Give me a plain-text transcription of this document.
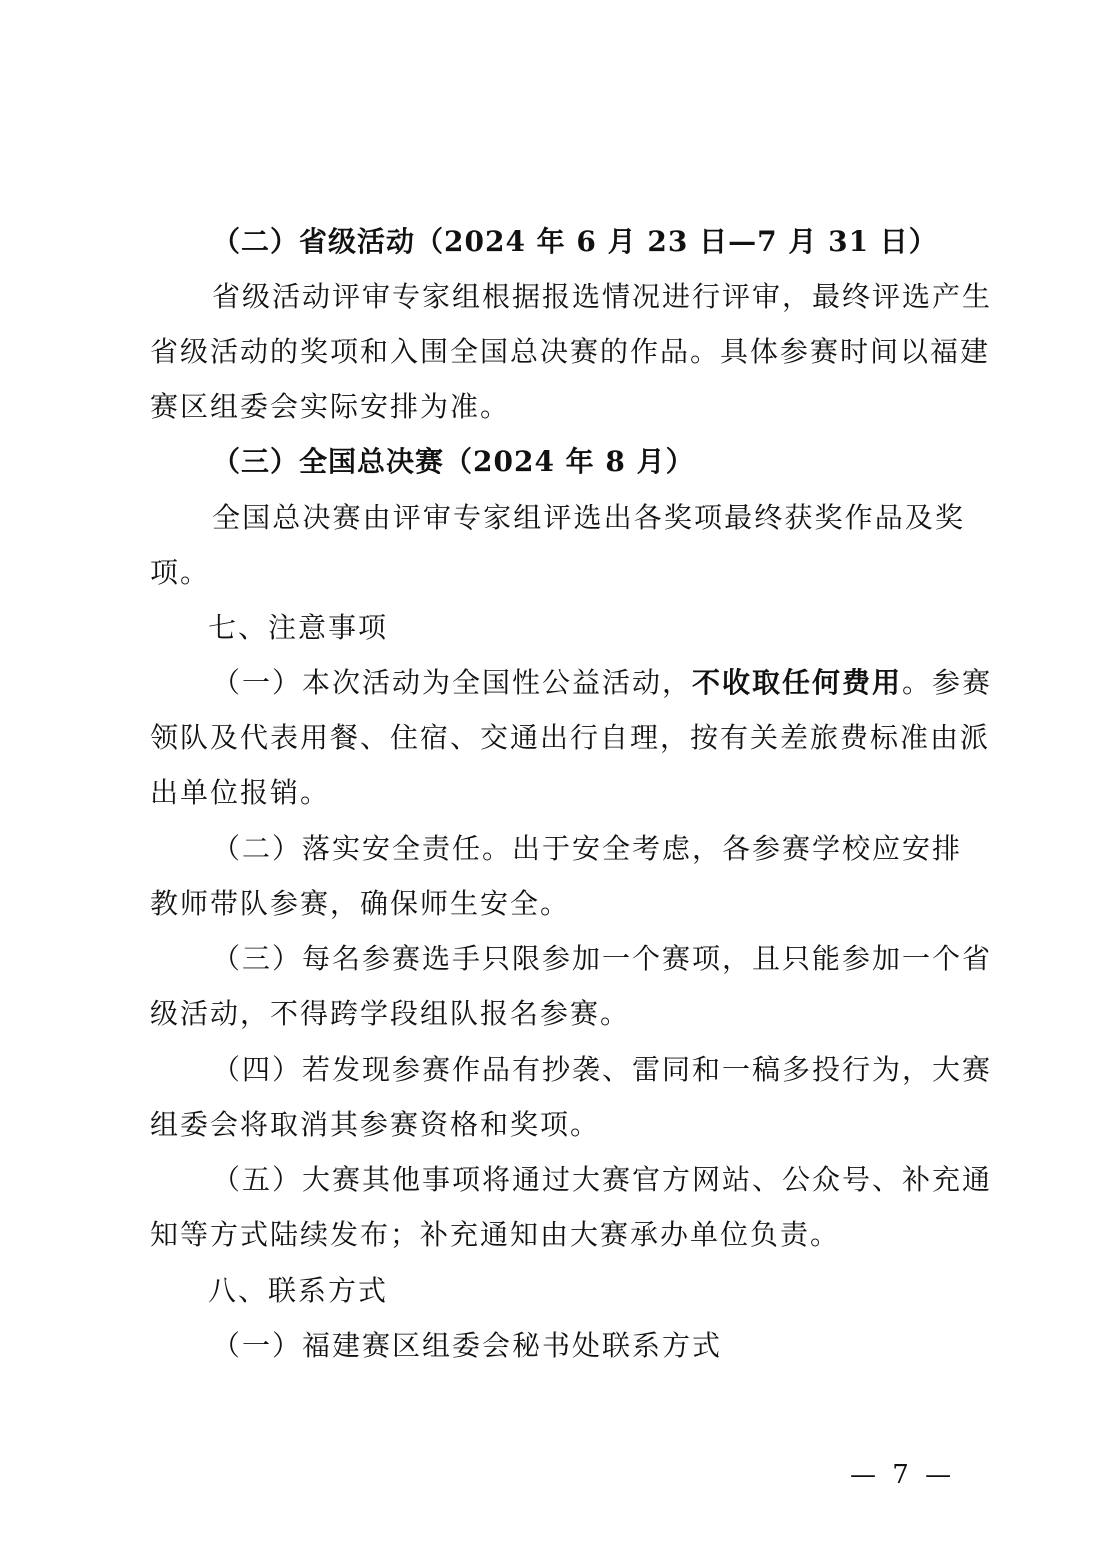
（二）省级活动（2024 年 6 月 23 日—7 月 31 日）
省级活动评审专家组根据报选情况进行评审，最终评选产生
省级活动的奖项和入围全国总决赛的作品。具体参赛时间以福建
赛区组委会实际安排为准。
（三）全国总决赛（2024 年 8 月）
全国总决赛由评审专家组评选出各奖项最终获奖作品及奖
项。
七、注意事项
（一）本次活动为全国性公益活动，不收取任何费用。参赛
领队及代表用餐、住宿、交通出行自理，按有关差旅费标准由派
出单位报销。
（二）落实安全责任。出于安全考虑，各参赛学校应安排
教师带队参赛，确保师生安全。
（三）每名参赛选手只限参加一个赛项，且只能参加一个省
级活动，不得跨学段组队报名参赛。
（四）若发现参赛作品有抄袭、雷同和一稿多投行为，大赛
组委会将取消其参赛资格和奖项。
（五）大赛其他事项将通过大赛官方网站、公众号、补充通
知等方式陆续发布；补充通知由大赛承办单位负责。
八、联系方式
（一）福建赛区组委会秘书处联系方式
— 7 —
